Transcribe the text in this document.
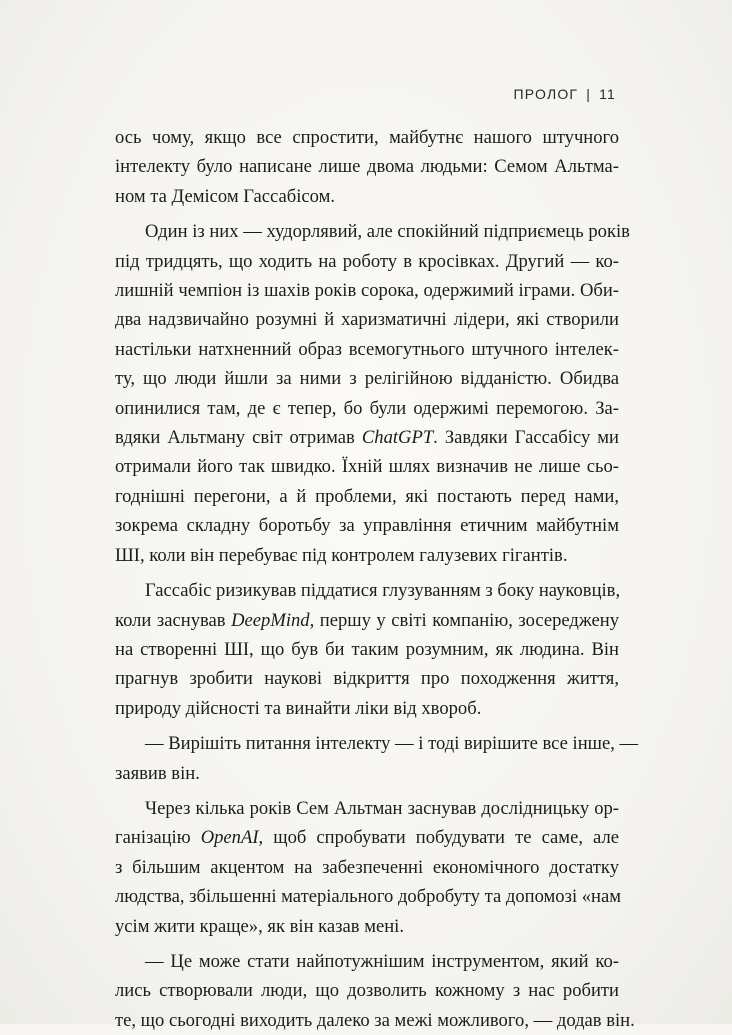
ПРОЛОГ | 11

ось чому, якщо все спростити, майбутнє нашого штучного
інтелекту було написане лише двома людьми: Семом Альтма-
ном та Демісом Гассабісом.

Один із них — худорлявий, але спокійний підприємець років
під тридцять, що ходить на роботу в кросівках. Другий — ко-
лишній чемпіон із шахів років сорока, одержимий іграми. Оби-
два надзвичайно розумні й харизматичні лідери, які створили
настільки натхненний образ всемогутнього штучного інтелек-
ту, що люди йшли за ними з релігійною відданістю. Обидва
опинилися там, де є тепер, бо були одержимі перемогою. За-
вдяки Альтману світ отримав ChatGPT. Завдяки Гассабісу ми
отримали його так швидко. Їхній шлях визначив не лише сьо-
годнішні перегони, а й проблеми, які постають перед нами,
зокрема складну боротьбу за управління етичним майбутнім
ШІ, коли він перебуває під контролем галузевих гігантів.

Гассабіс ризикував піддатися глузуванням з боку науковців,
коли заснував DeepMind, першу у світі компанію, зосереджену
на створенні ШІ, що був би таким розумним, як людина. Він
прагнув зробити наукові відкриття про походження життя,
природу дійсності та винайти ліки від хвороб.

— Вирішіть питання інтелекту — і тоді вирішите все інше, —
заявив він.

Через кілька років Сем Альтман заснував дослідницьку ор-
ганізацію OpenAI, щоб спробувати побудувати те саме, але
з більшим акцентом на забезпеченні економічного достатку
людства, збільшенні матеріального добробуту та допомозі «нам
усім жити краще», як він казав мені.

— Це може стати найпотужнішим інструментом, який ко-
лись створювали люди, що дозволить кожному з нас робити
те, що сьогодні виходить далеко за межі можливого, — додав він.
